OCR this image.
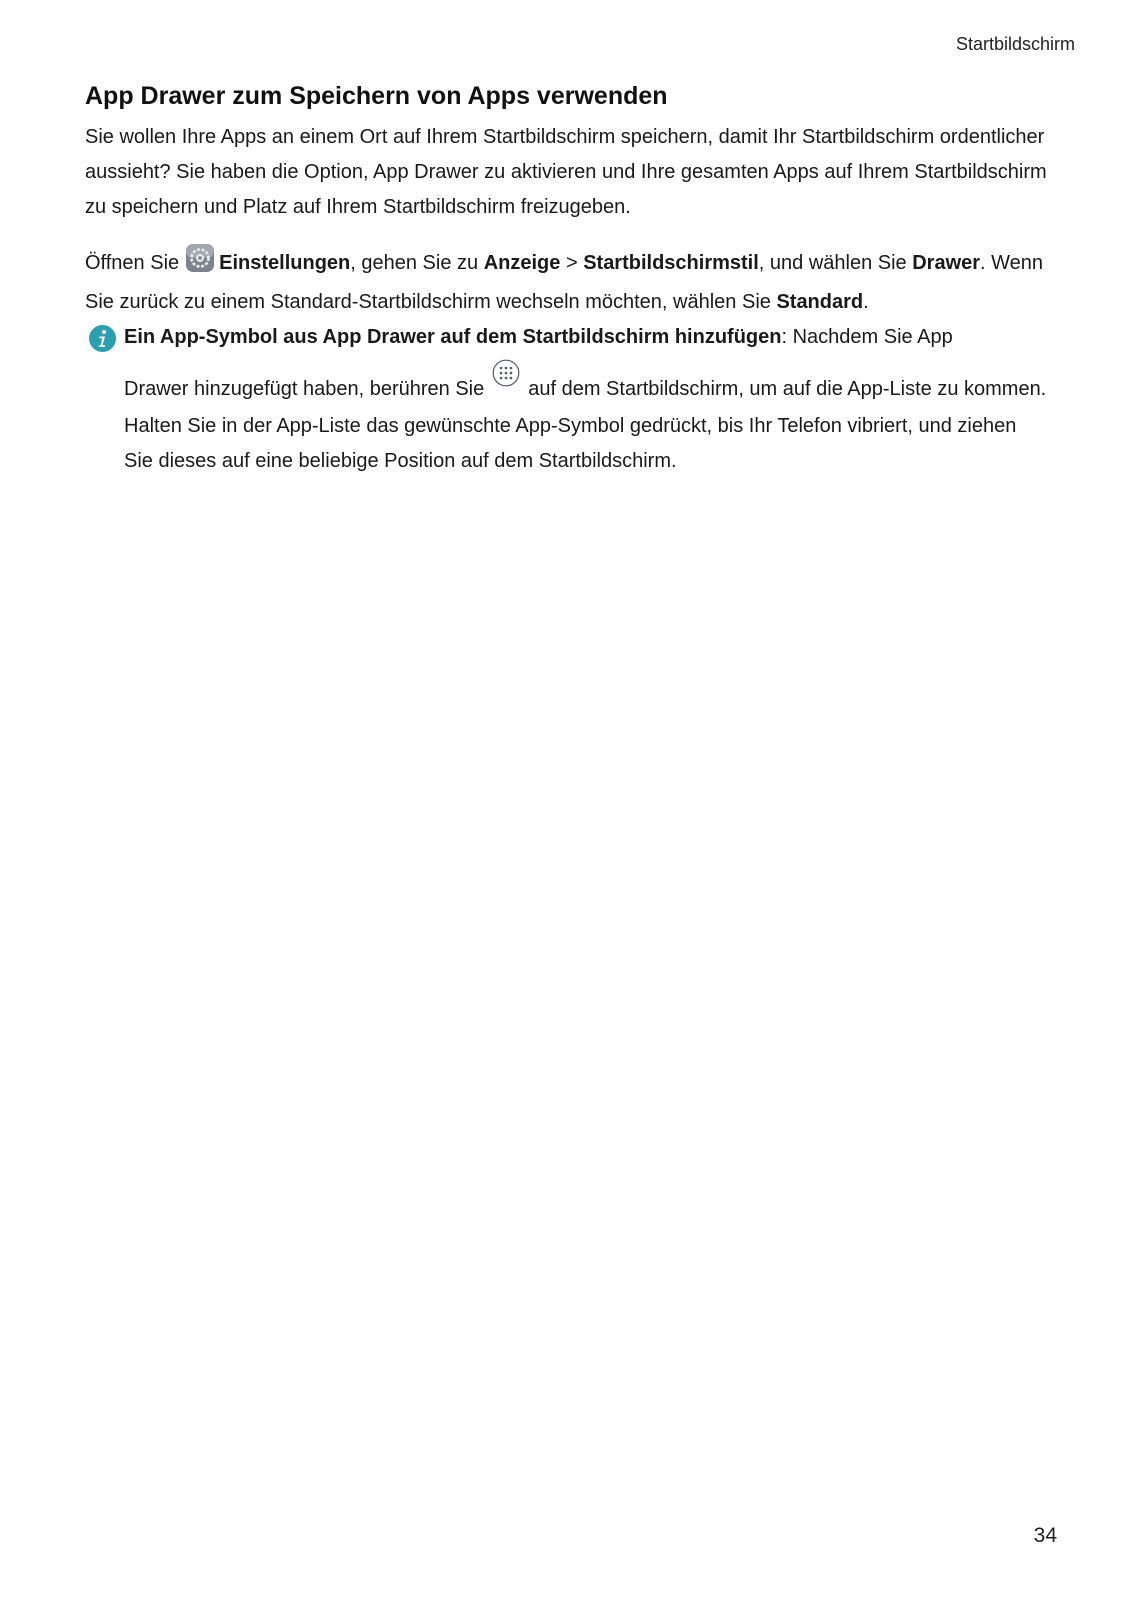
Startbildschirm
App Drawer zum Speichern von Apps verwenden

Sie wollen Ihre Apps an einem Ort auf Ihrem Startbildschirm speichern, damit Ihr Startbildschirm ordentlicher aussieht? Sie haben die Option, App Drawer zu aktivieren und Ihre gesamten Apps auf Ihrem Startbildschirm zu speichern und Platz auf Ihrem Startbildschirm freizugeben.

Öffnen Sie Einstellungen, gehen Sie zu Anzeige > Startbildschirmstil, und wählen Sie Drawer. Wenn Sie zurück zu einem Standard-Startbildschirm wechseln möchten, wählen Sie Standard.

Ein App-Symbol aus App Drawer auf dem Startbildschirm hinzufügen: Nachdem Sie App

Drawer hinzugefügt haben, berühren Sie auf dem Startbildschirm, um auf die App-Liste zu kommen. Halten Sie in der App-Liste das gewünschte App-Symbol gedrückt, bis Ihr Telefon vibriert, und ziehen Sie dieses auf eine beliebige Position auf dem Startbildschirm.

34
